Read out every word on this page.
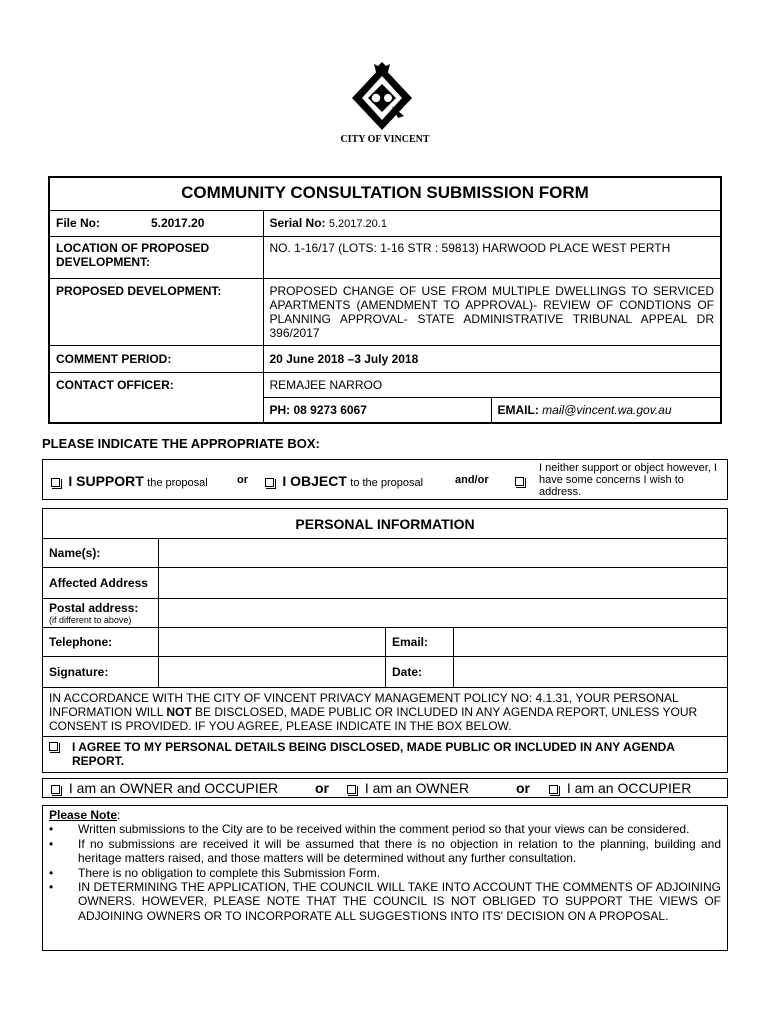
CITY OF VINCENT
COMMUNITY CONSULTATION SUBMISSION FORM		
File No: 5.2017.20	Serial No: 5.2017.20.1	
LOCATION OF PROPOSED DEVELOPMENT:	NO. 1-16/17 (LOTS: 1-16 STR : 59813) HARWOOD PLACE WEST PERTH	
PROPOSED DEVELOPMENT:	PROPOSED CHANGE OF USE FROM MULTIPLE DWELLINGS TO SERVICED APARTMENTS (AMENDMENT TO APPROVAL)- REVIEW OF CONDTIONS OF PLANNING APPROVAL- STATE ADMINISTRATIVE TRIBUNAL APPEAL DR 396/2017	
COMMENT PERIOD:	20 June 2018 –3 July 2018	
CONTACT OFFICER:	REMAJEE NARROO	
	PH: 08 9273 6067	EMAIL: mail@vincent.wa.gov.au
PLEASE INDICATE THE APPROPRIATE BOX:
I SUPPORT the proposal	or	I OBJECT to the proposal	and/or
I neither support or object however, I have some concerns I wish to address.
PERSONAL INFORMATION			
Name(s):			
Affected Address			

Postal address:
(if different to above)			

Telephone:		Email:	
Signature:		Date:	
IN ACCORDANCE WITH THE CITY OF VINCENT PRIVACY MANAGEMENT POLICY NO: 4.1.31, YOUR PERSONAL INFORMATION WILL NOT BE DISCLOSED, MADE PUBLIC OR INCLUDED IN ANY AGENDA REPORT, UNLESS YOUR CONSENT IS PROVIDED. IF YOU AGREE, PLEASE INDICATE IN THE BOX BELOW.			

I AGREE TO MY PERSONAL DETAILS BEING DISCLOSED, MADE PUBLIC OR INCLUDED IN ANY AGENDA REPORT.			
I am an OWNER and OCCUPIER	or	I am an OWNER	or	I am an OCCUPIER
Please Note:
•	Written submissions to the City are to be received within the comment period so that your views can be considered.
•	If no submissions are received it will be assumed that there is no objection in relation to the planning, building and heritage matters raised, and those matters will be determined without any further consultation.
•	There is no obligation to complete this Submission Form.
•	IN DETERMINING THE APPLICATION, THE COUNCIL WILL TAKE INTO ACCOUNT THE COMMENTS OF ADJOINING OWNERS. HOWEVER, PLEASE NOTE THAT THE COUNCIL IS NOT OBLIGED TO SUPPORT THE VIEWS OF ADJOINING OWNERS OR TO INCORPORATE ALL SUGGESTIONS INTO ITS' DECISION ON A PROPOSAL.
